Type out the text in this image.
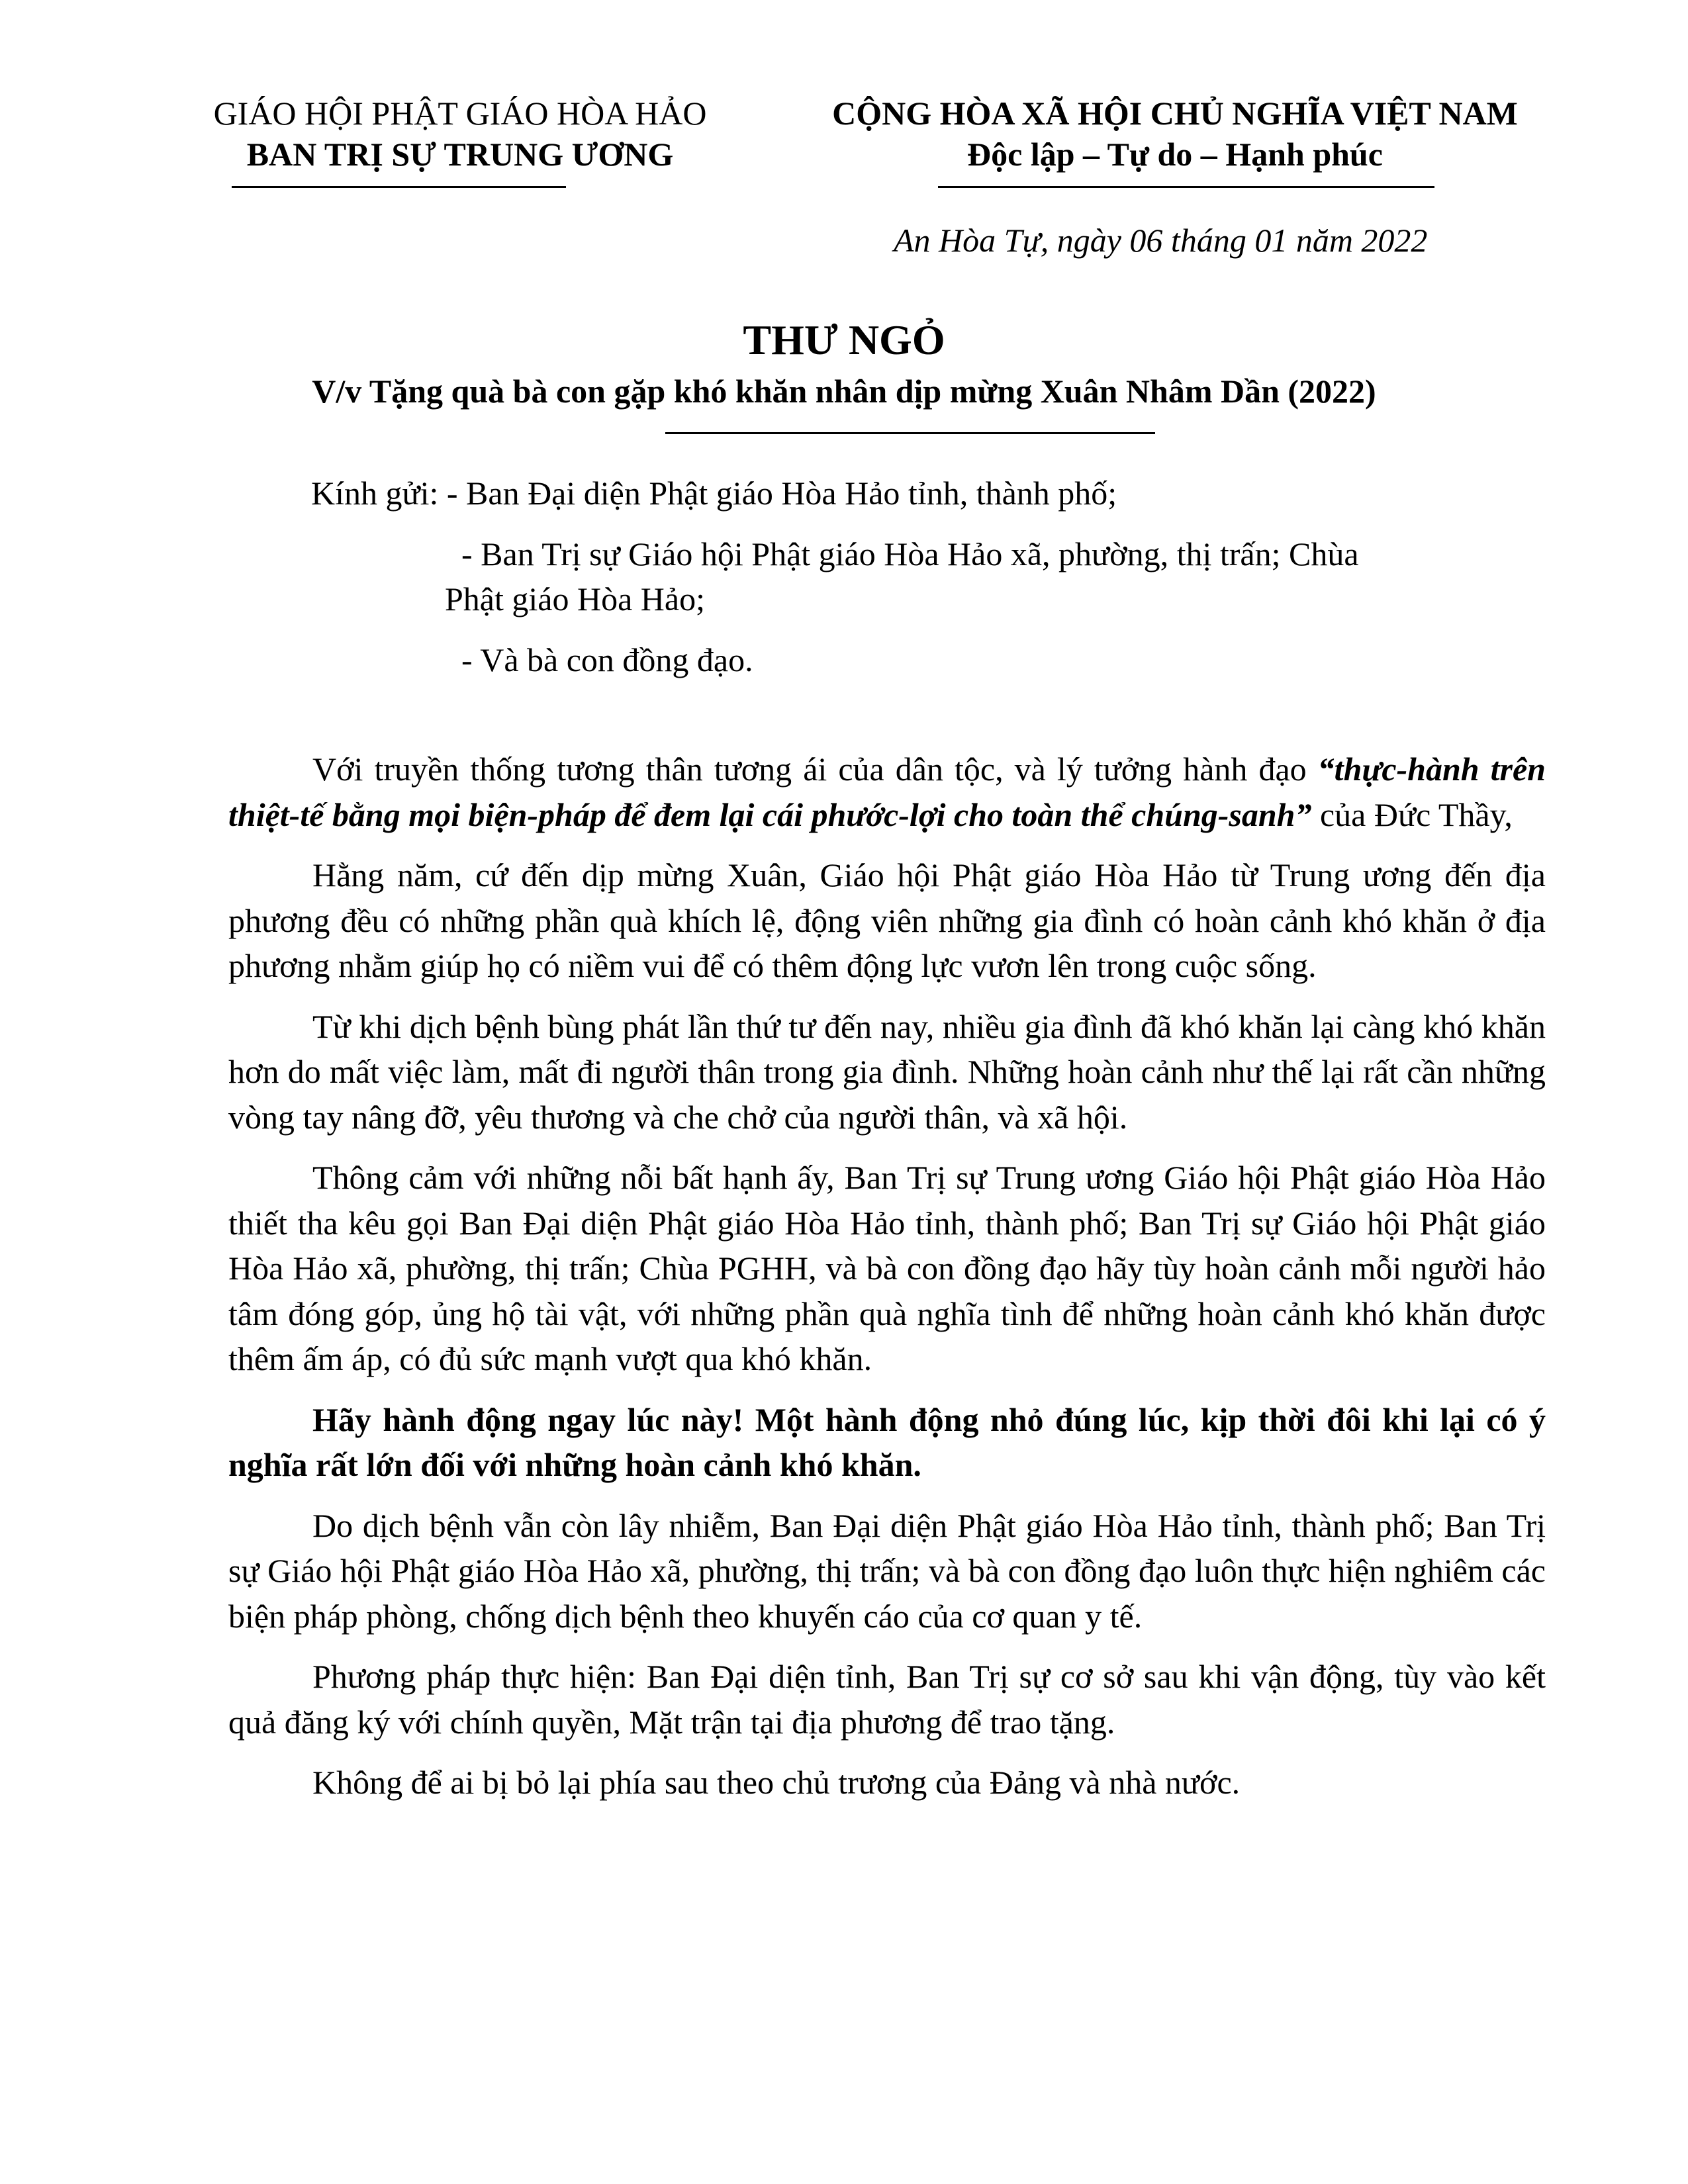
GIÁO HỘI PHẬT GIÁO HÒA HẢO
BAN TRỊ SỰ TRUNG ƯƠNG
CỘNG HÒA XÃ HỘI CHỦ NGHĨA VIỆT NAM
Độc lập – Tự do – Hạnh phúc
An Hòa Tự, ngày 06 tháng 01 năm 2022
THƯ NGỎ
V/v Tặng quà bà con gặp khó khăn nhân dịp mừng Xuân Nhâm Dần (2022)
Kính gửi: - Ban Đại diện Phật giáo Hòa Hảo tỉnh, thành phố;
- Ban Trị sự Giáo hội Phật giáo Hòa Hảo xã, phường, thị trấn; Chùa
Phật giáo Hòa Hảo;
- Và bà con đồng đạo.

Với truyền thống tương thân tương ái của dân tộc, và lý tưởng hành đạo “thực-hành trên thiệt-tế bằng mọi biện-pháp để đem lại cái phước-lợi cho toàn thể chúng-sanh” của Đức Thầy,

Hằng năm, cứ đến dịp mừng Xuân, Giáo hội Phật giáo Hòa Hảo từ Trung ương đến địa phương đều có những phần quà khích lệ, động viên những gia đình có hoàn cảnh khó khăn ở địa phương nhằm giúp họ có niềm vui để có thêm động lực vươn lên trong cuộc sống.

Từ khi dịch bệnh bùng phát lần thứ tư đến nay, nhiều gia đình đã khó khăn lại càng khó khăn hơn do mất việc làm, mất đi người thân trong gia đình. Những hoàn cảnh như thế lại rất cần những vòng tay nâng đỡ, yêu thương và che chở của người thân, và xã hội.

Thông cảm với những nỗi bất hạnh ấy, Ban Trị sự Trung ương Giáo hội Phật giáo Hòa Hảo thiết tha kêu gọi Ban Đại diện Phật giáo Hòa Hảo tỉnh, thành phố; Ban Trị sự Giáo hội Phật giáo Hòa Hảo xã, phường, thị trấn; Chùa PGHH, và bà con đồng đạo hãy tùy hoàn cảnh mỗi người hảo tâm đóng góp, ủng hộ tài vật, với những phần quà nghĩa tình để những hoàn cảnh khó khăn được thêm ấm áp, có đủ sức mạnh vượt qua khó khăn.

Hãy hành động ngay lúc này! Một hành động nhỏ đúng lúc, kịp thời đôi khi lại có ý nghĩa rất lớn đối với những hoàn cảnh khó khăn.

Do dịch bệnh vẫn còn lây nhiễm, Ban Đại diện Phật giáo Hòa Hảo tỉnh, thành phố; Ban Trị sự Giáo hội Phật giáo Hòa Hảo xã, phường, thị trấn; và bà con đồng đạo luôn thực hiện nghiêm các biện pháp phòng, chống dịch bệnh theo khuyến cáo của cơ quan y tế.

Phương pháp thực hiện: Ban Đại diện tỉnh, Ban Trị sự cơ sở sau khi vận động, tùy vào kết quả đăng ký với chính quyền, Mặt trận tại địa phương để trao tặng.

Không để ai bị bỏ lại phía sau theo chủ trương của Đảng và nhà nước.
